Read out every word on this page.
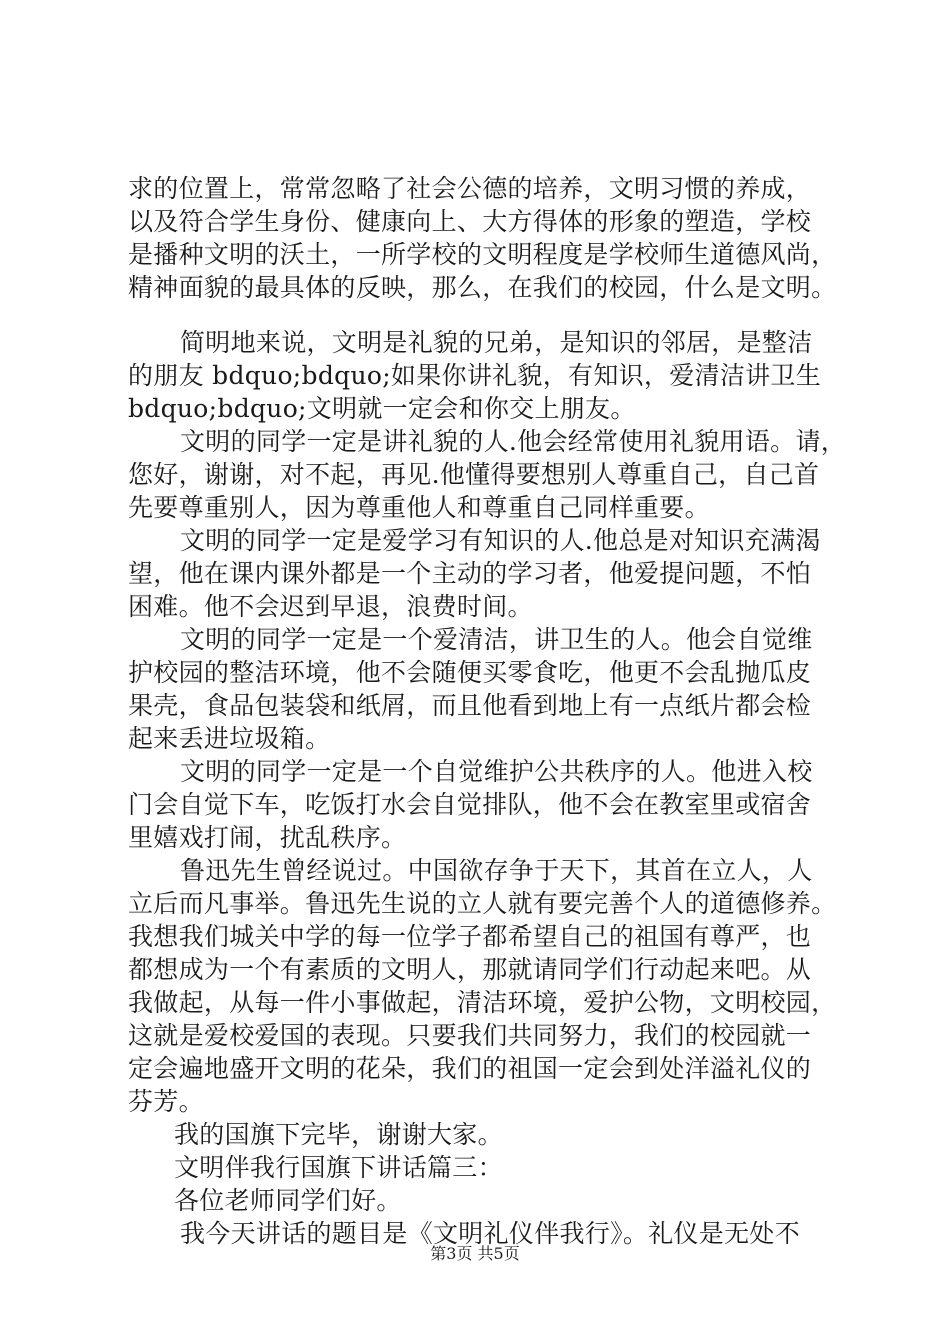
求的位置上，常常忽略了社会公德的培养，文明习惯的养成，
以及符合学生身份、健康向上、大方得体的形象的塑造，学校
是播种文明的沃土，一所学校的文明程度是学校师生道德风尚，
精神面貌的最具体的反映，那么，在我们的校园，什么是文明。
简明地来说，文明是礼貌的兄弟，是知识的邻居，是整洁
的朋友 bdquo;bdquo;如果你讲礼貌，有知识，爱清洁讲卫生
bdquo;bdquo;文明就一定会和你交上朋友。
文明的同学一定是讲礼貌的人.他会经常使用礼貌用语。请，
您好，谢谢，对不起，再见.他懂得要想别人尊重自己，自己首
先要尊重别人，因为尊重他人和尊重自己同样重要。
文明的同学一定是爱学习有知识的人.他总是对知识充满渴
望，他在课内课外都是一个主动的学习者，他爱提问题，不怕
困难。他不会迟到早退，浪费时间。
文明的同学一定是一个爱清洁，讲卫生的人。他会自觉维
护校园的整洁环境，他不会随便买零食吃，他更不会乱抛瓜皮
果壳，食品包装袋和纸屑，而且他看到地上有一点纸片都会检
起来丢进垃圾箱。
文明的同学一定是一个自觉维护公共秩序的人。他进入校
门会自觉下车，吃饭打水会自觉排队，他不会在教室里或宿舍
里嬉戏打闹，扰乱秩序。
鲁迅先生曾经说过。中国欲存争于天下，其首在立人，人
立后而凡事举。鲁迅先生说的立人就有要完善个人的道德修养。
我想我们城关中学的每一位学子都希望自己的祖国有尊严，也
都想成为一个有素质的文明人，那就请同学们行动起来吧。从
我做起，从每一件小事做起，清洁环境，爱护公物，文明校园，
这就是爱校爱国的表现。只要我们共同努力，我们的校园就一
定会遍地盛开文明的花朵，我们的祖国一定会到处洋溢礼仪的
芬芳。
我的国旗下完毕，谢谢大家。
文明伴我行国旗下讲话篇三：
各位老师同学们好。
我今天讲话的题目是《文明礼仪伴我行》。礼仪是无处不
第3页 共5页
